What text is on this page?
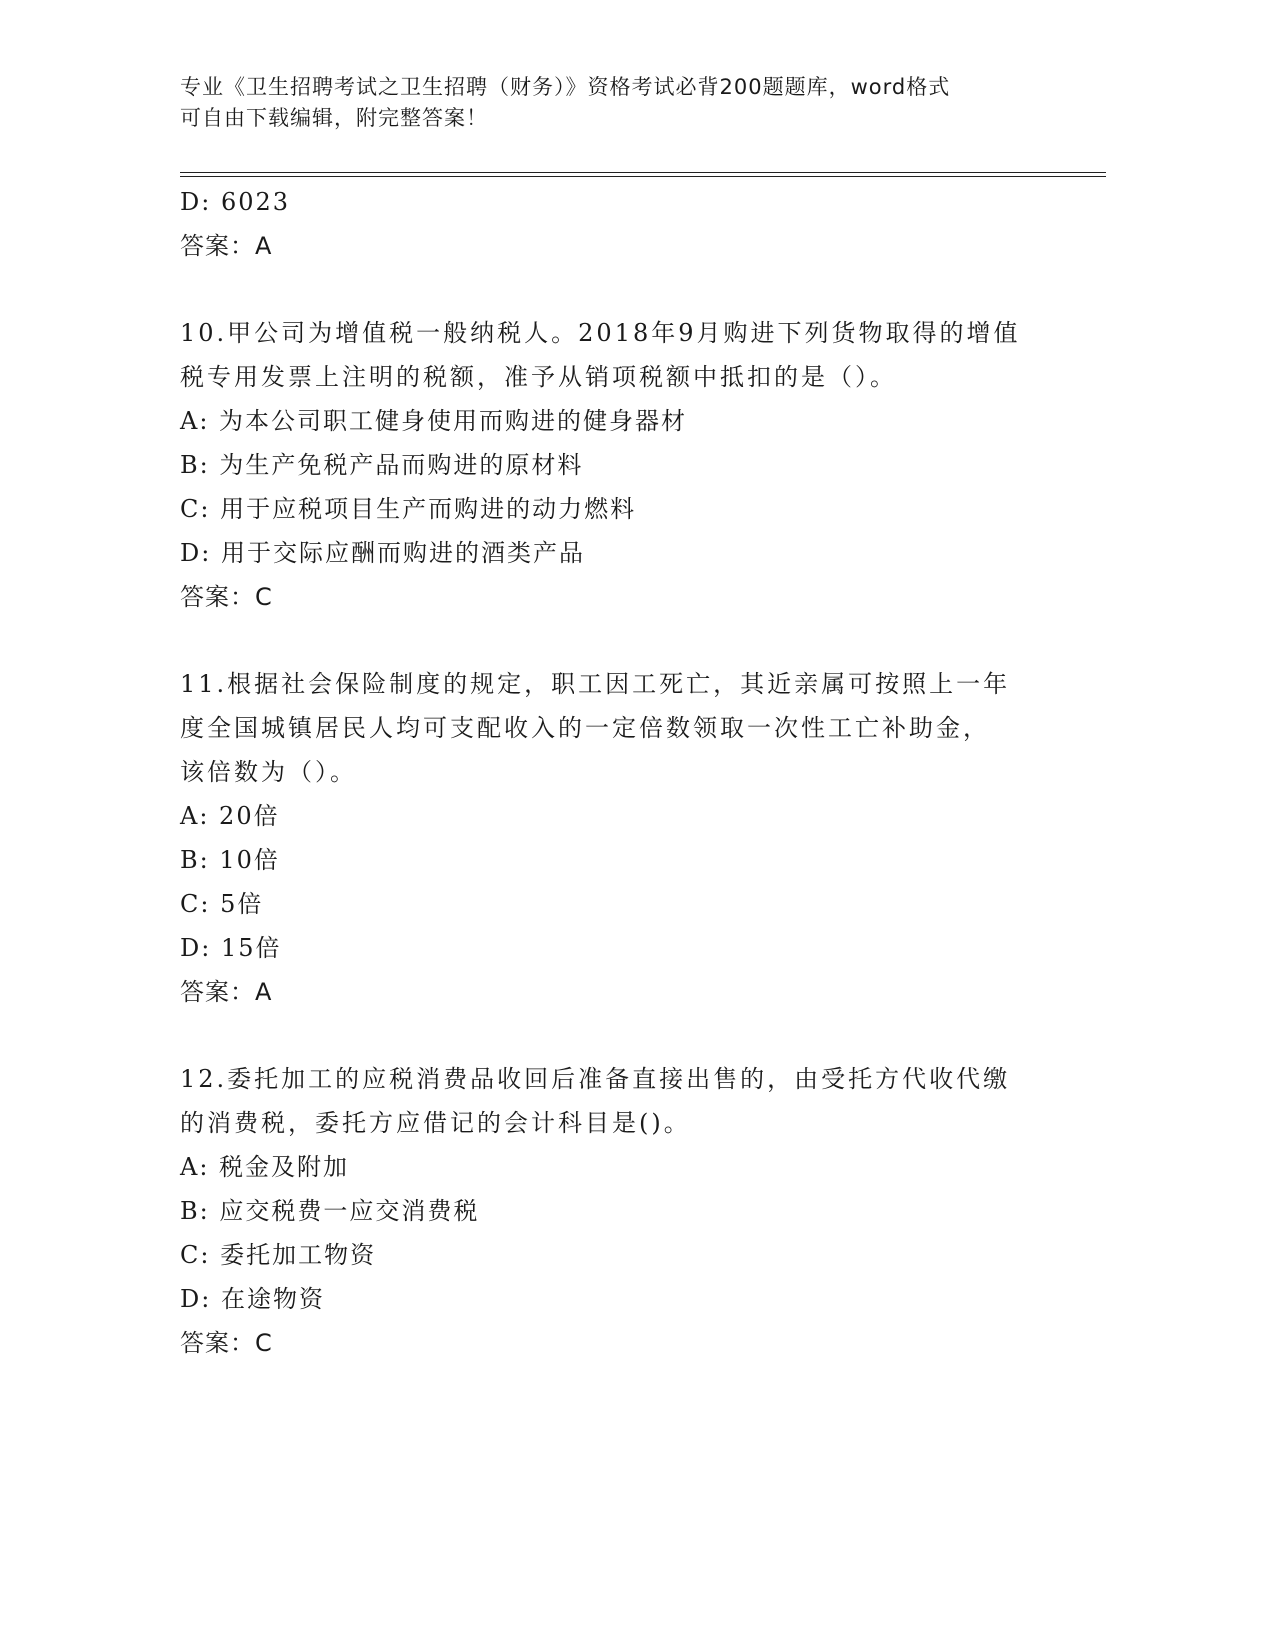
专业《卫生招聘考试之卫生招聘（财务）》资格考试必背200题题库，word格式
可自由下载编辑，附完整答案！
D: 6023
答案：A
10.甲公司为增值税一般纳税人。2018年9月购进下列货物取得的增值
税专用发票上注明的税额，准予从销项税额中抵扣的是（）。
A: 为本公司职工健身使用而购进的健身器材
B: 为生产免税产品而购进的原材料
C: 用于应税项目生产而购进的动力燃料
D: 用于交际应酬而购进的酒类产品
答案：C
11.根据社会保险制度的规定，职工因工死亡，其近亲属可按照上一年
度全国城镇居民人均可支配收入的一定倍数领取一次性工亡补助金，
该倍数为（）。
A: 20倍
B: 10倍
C: 5倍
D: 15倍
答案：A
12.委托加工的应税消费品收回后准备直接出售的，由受托方代收代缴
的消费税，委托方应借记的会计科目是()。
A: 税金及附加
B: 应交税费一应交消费税
C: 委托加工物资
D: 在途物资
答案：C
